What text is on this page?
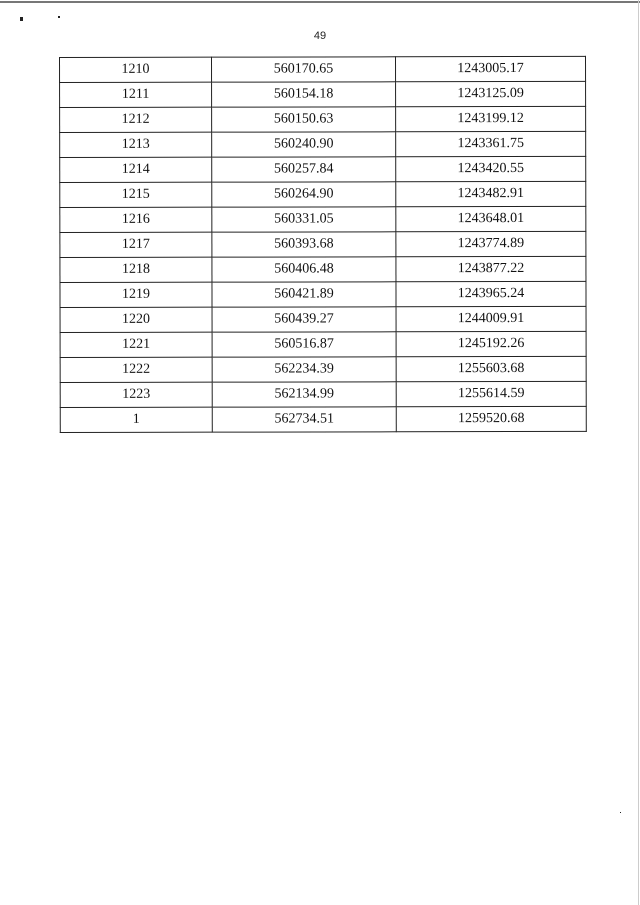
49
1210	560170.65	1243005.17
1211	560154.18	1243125.09
1212	560150.63	1243199.12
1213	560240.90	1243361.75
1214	560257.84	1243420.55
1215	560264.90	1243482.91
1216	560331.05	1243648.01
1217	560393.68	1243774.89
1218	560406.48	1243877.22
1219	560421.89	1243965.24
1220	560439.27	1244009.91
1221	560516.87	1245192.26
1222	562234.39	1255603.68
1223	562134.99	1255614.59
1	562734.51	1259520.68
